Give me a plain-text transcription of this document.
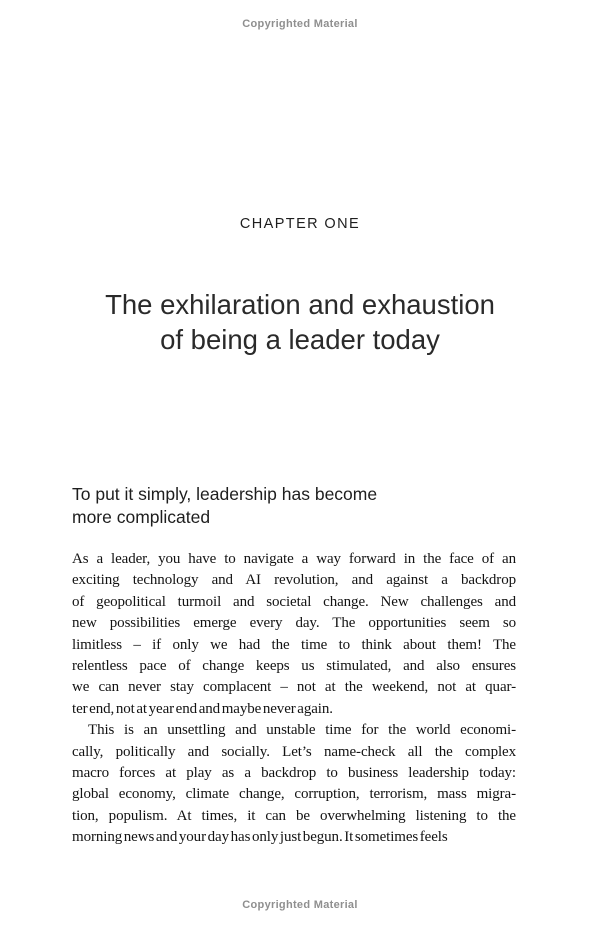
Copyrighted Material
CHAPTER ONE
The exhilaration and exhaustion
of being a leader today
To put it simply, leadership has become
more complicated
As a leader, you have to navigate a way forward in the face of an
exciting technology and AI revolution, and against a backdrop
of geopolitical turmoil and societal change. New challenges and
new possibilities emerge every day. The opportunities seem so
limitless – if only we had the time to think about them! The
relentless pace of change keeps us stimulated, and also ensures
we can never stay complacent – not at the weekend, not at quar-
ter end, not at year end and maybe never again.
This is an unsettling and unstable time for the world economi-
cally, politically and socially. Let’s name-check all the complex
macro forces at play as a backdrop to business leadership today:
global economy, climate change, corruption, terrorism, mass migra-
tion, populism. At times, it can be overwhelming listening to the
morning news and your day has only just begun. It sometimes feels
Copyrighted Material
